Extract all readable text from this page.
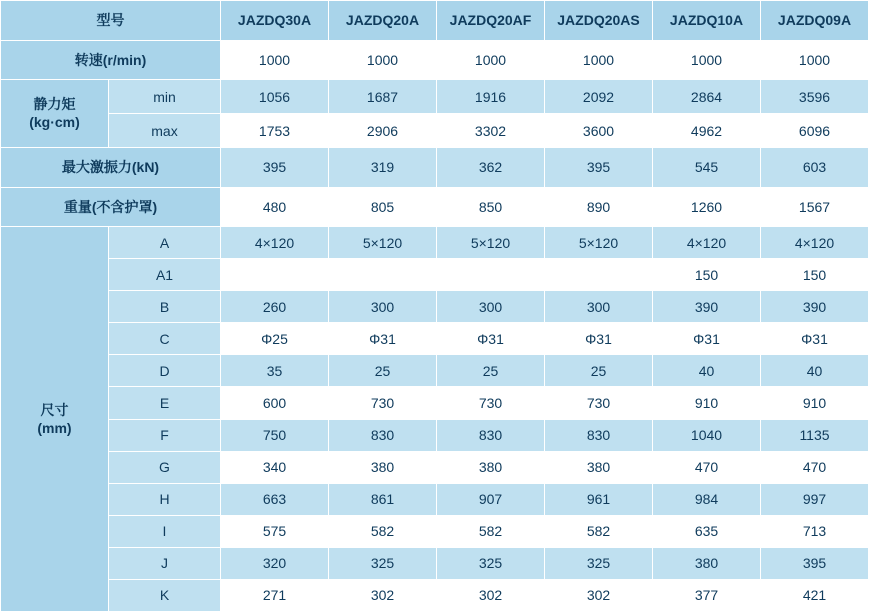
型号		JAZDQ30A	JAZDQ20A	JAZDQ20AF	JAZDQ20AS	JAZDQ10A	JAZDQ09A
转速(r/min)		1000	1000	1000	1000	1000	1000

静力矩
(kg·cm)	min	1056	1687	1916	2092	2864	3596
	max	1753	2906	3302	3600	4962	6096
最大激振力(kN)		395	319	362	395	545	603
重量(不含护罩)		480	805	850	890	1260	1567

尺寸
(mm)	A	4×120	5×120	5×120	5×120	4×120	4×120
	A1					150	150
	B	260	300	300	300	390	390
	C	Φ25	Φ31	Φ31	Φ31	Φ31	Φ31
	D	35	25	25	25	40	40
	E	600	730	730	730	910	910
	F	750	830	830	830	1040	1135
	G	340	380	380	380	470	470
	H	663	861	907	961	984	997
	I	575	582	582	582	635	713
	J	320	325	325	325	380	395
	K	271	302	302	302	377	421
